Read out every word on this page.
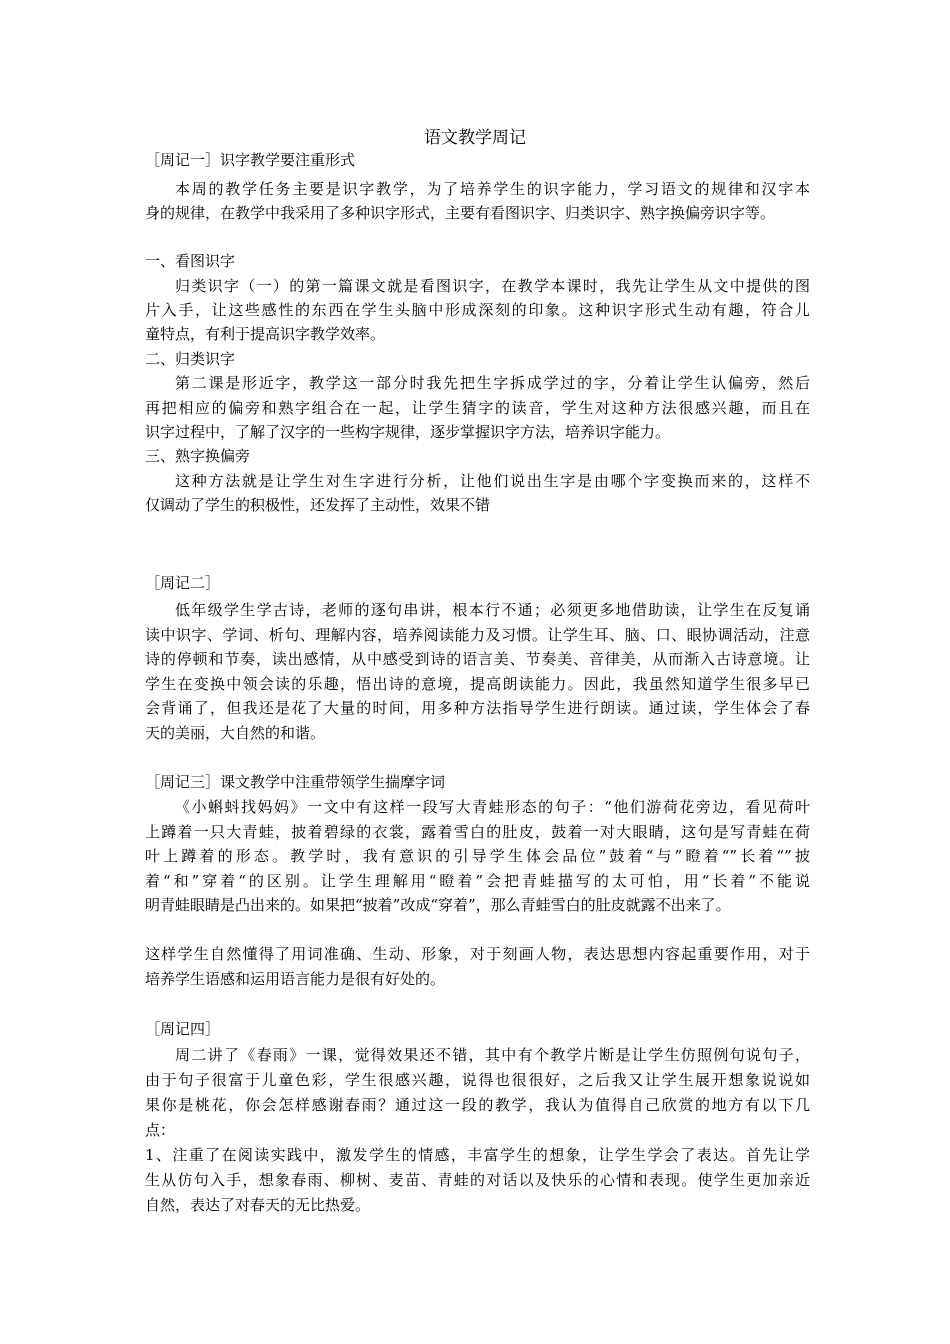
语文教学周记
［周记一］识字教学要注重形式
本周的教学任务主要是识字教学，为了培养学生的识字能力，学习语文的规律和汉字本
身的规律，在教学中我采用了多种识字形式，主要有看图识字、归类识字、熟字换偏旁识字等。
一、看图识字
归类识字（一）的第一篇课文就是看图识字，在教学本课时，我先让学生从文中提供的图
片入手，让这些感性的东西在学生头脑中形成深刻的印象。这种识字形式生动有趣，符合儿
童特点，有利于提高识字教学效率。
二、归类识字
第二课是形近字，教学这一部分时我先把生字拆成学过的字，分着让学生认偏旁，然后
再把相应的偏旁和熟字组合在一起，让学生猜字的读音，学生对这种方法很感兴趣，而且在
识字过程中，了解了汉字的一些构字规律，逐步掌握识字方法，培养识字能力。
三、熟字换偏旁
这种方法就是让学生对生字进行分析，让他们说出生字是由哪个字变换而来的，这样不
仅调动了学生的积极性，还发挥了主动性，效果不错
［周记二］
低年级学生学古诗，老师的逐句串讲，根本行不通；必须更多地借助读，让学生在反复诵
读中识字、学词、析句、理解内容，培养阅读能力及习惯。让学生耳、脑、口、眼协调活动，注意
诗的停顿和节奏，读出感情，从中感受到诗的语言美、节奏美、音律美，从而渐入古诗意境。让
学生在变换中领会读的乐趣，悟出诗的意境，提高朗读能力。因此，我虽然知道学生很多早已
会背诵了，但我还是花了大量的时间，用多种方法指导学生进行朗读。通过读，学生体会了春
天的美丽，大自然的和谐。
［周记三］课文教学中注重带领学生揣摩字词
《小蝌蚪找妈妈》一文中有这样一段写大青蛙形态的句子：“他们游荷花旁边，看见荷叶
上蹲着一只大青蛙，披着碧绿的衣裳，露着雪白的肚皮，鼓着一对大眼睛，这句是写青蛙在荷
叶上蹲着的形态。教学时，我有意识的引导学生体会品位”鼓着“与”瞪着“”长着“”披
着“和”穿着“的区别。让学生理解用“瞪着”会把青蛙描写的太可怕，用“长着”不能说
明青蛙眼睛是凸出来的。如果把“披着”改成“穿着”，那么青蛙雪白的肚皮就露不出来了。
这样学生自然懂得了用词准确、生动、形象，对于刻画人物，表达思想内容起重要作用，对于
培养学生语感和运用语言能力是很有好处的。
［周记四］
周二讲了《春雨》一课，觉得效果还不错，其中有个教学片断是让学生仿照例句说句子，
由于句子很富于儿童色彩，学生很感兴趣，说得也很很好，之后我又让学生展开想象说说如
果你是桃花，你会怎样感谢春雨？通过这一段的教学，我认为值得自己欣赏的地方有以下几
点：
1、注重了在阅读实践中，激发学生的情感，丰富学生的想象，让学生学会了表达。首先让学
生从仿句入手，想象春雨、柳树、麦苗、青蛙的对话以及快乐的心情和表现。使学生更加亲近
自然，表达了对春天的无比热爱。
